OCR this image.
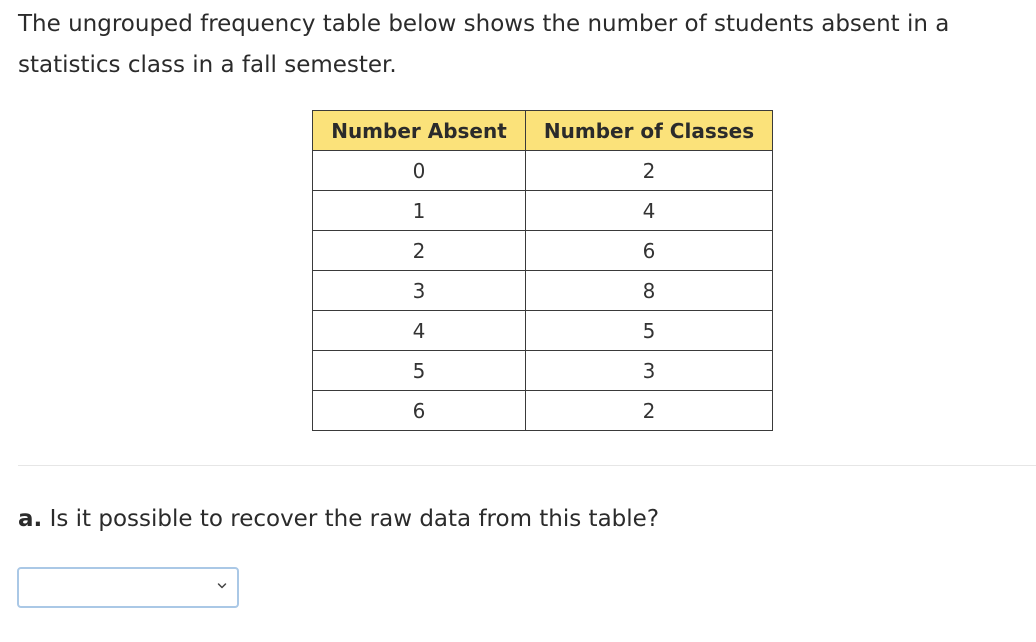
The ungrouped frequency table below shows the number of students absent in a statistics class in a fall semester.

Number Absent	Number of Classes
0	2
1	4
2	6
3	8
4	5
5	3
6	2

a. Is it possible to recover the raw data from this table?
